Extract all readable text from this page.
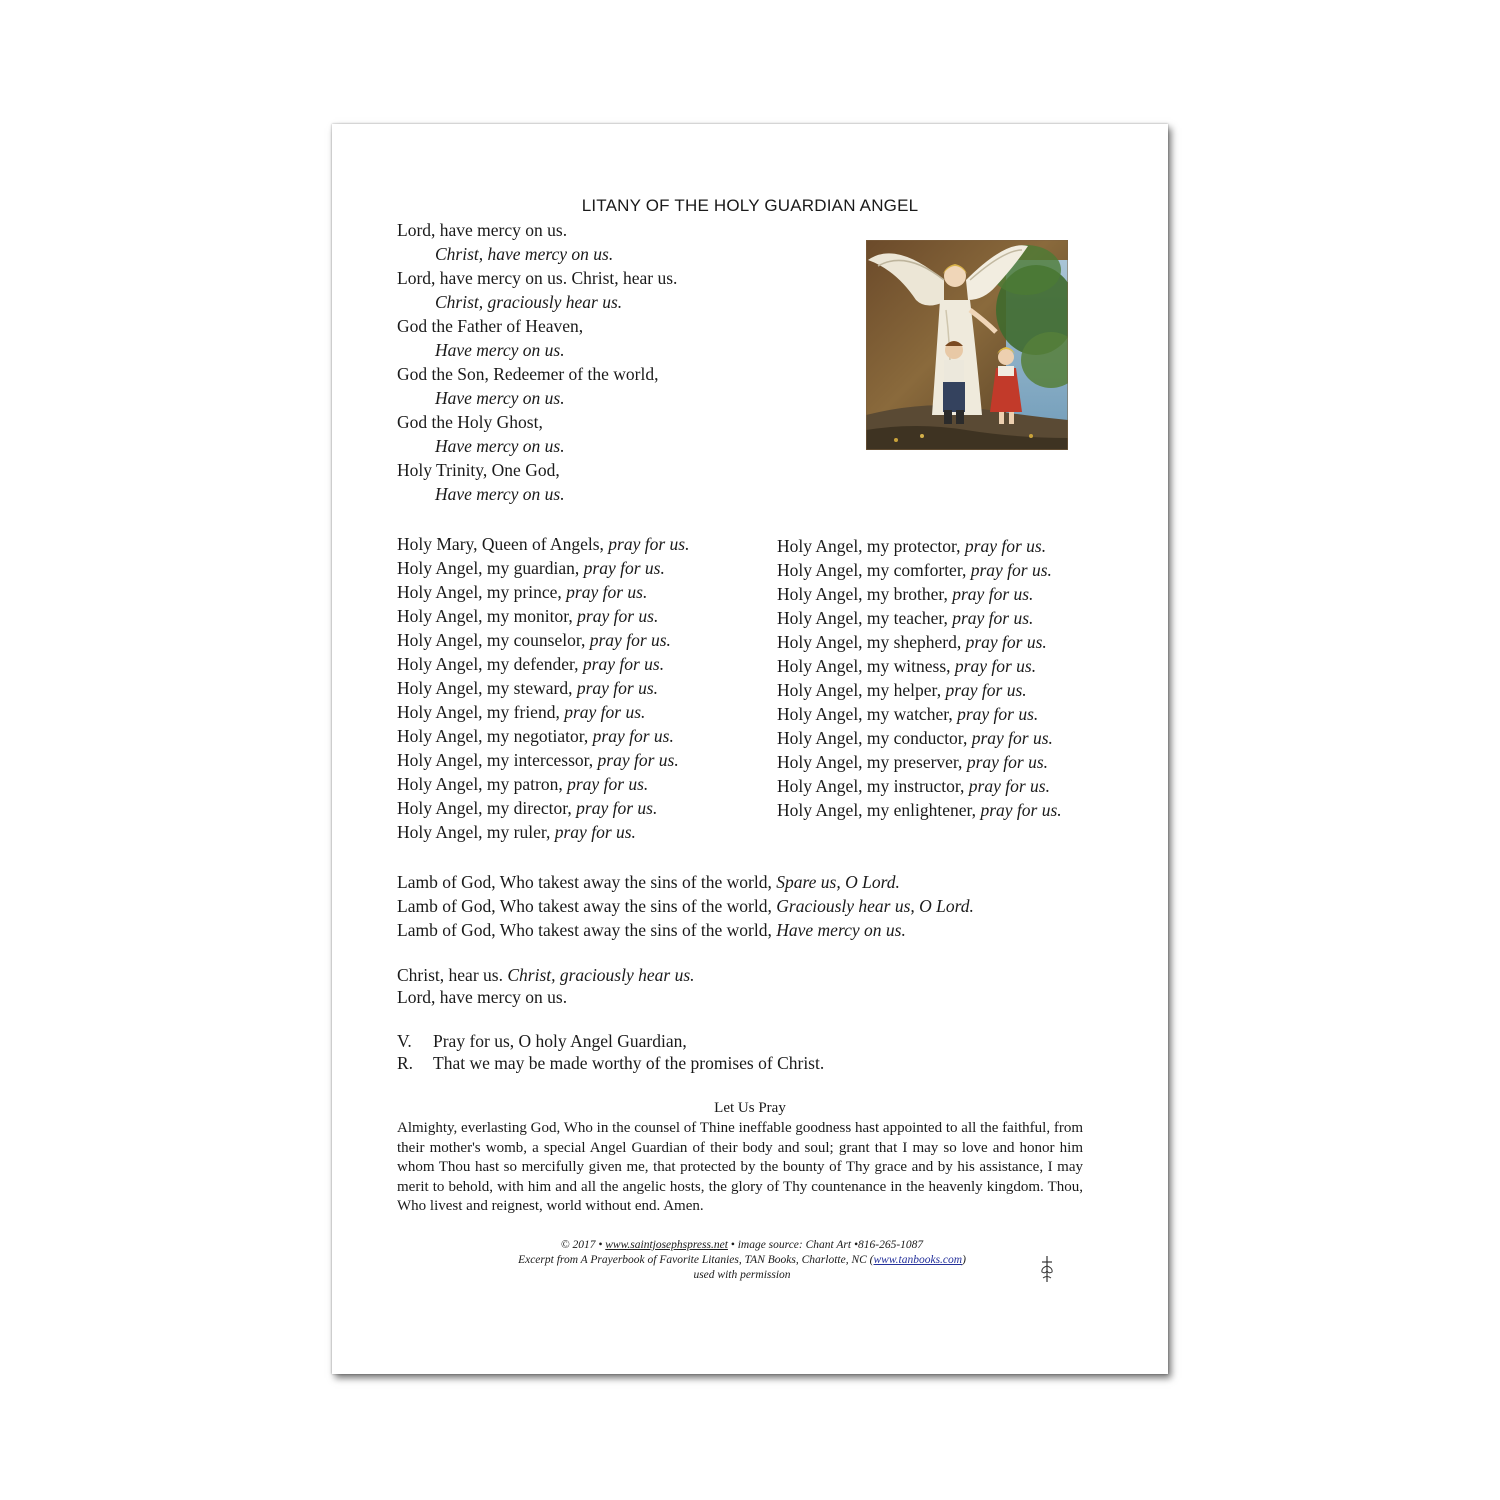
LITANY OF THE HOLY GUARDIAN ANGEL
Lord, have mercy on us.
Christ, have mercy on us.
Lord, have mercy on us. Christ, hear us.
Christ, graciously hear us.
God the Father of Heaven,
Have mercy on us.
God the Son, Redeemer of the world,
Have mercy on us.
God the Holy Ghost,
Have mercy on us.
Holy Trinity, One God,
Have mercy on us.
Holy Mary, Queen of Angels, pray for us.
Holy Angel, my guardian, pray for us.
Holy Angel, my prince, pray for us.
Holy Angel, my monitor, pray for us.
Holy Angel, my counselor, pray for us.
Holy Angel, my defender, pray for us.
Holy Angel, my steward, pray for us.
Holy Angel, my friend, pray for us.
Holy Angel, my negotiator, pray for us.
Holy Angel, my intercessor, pray for us.
Holy Angel, my patron, pray for us.
Holy Angel, my director, pray for us.
Holy Angel, my ruler, pray for us.
Holy Angel, my protector, pray for us.
Holy Angel, my comforter, pray for us.
Holy Angel, my brother, pray for us.
Holy Angel, my teacher, pray for us.
Holy Angel, my shepherd, pray for us.
Holy Angel, my witness, pray for us.
Holy Angel, my helper, pray for us.
Holy Angel, my watcher, pray for us.
Holy Angel, my conductor, pray for us.
Holy Angel, my preserver, pray for us.
Holy Angel, my instructor, pray for us.
Holy Angel, my enlightener, pray for us.
Lamb of God, Who takest away the sins of the world, Spare us, O Lord.
Lamb of God, Who takest away the sins of the world, Graciously hear us, O Lord.
Lamb of God, Who takest away the sins of the world, Have mercy on us.
Christ, hear us. Christ, graciously hear us.
Lord, have mercy on us.
V. Pray for us, O holy Angel Guardian,
R. That we may be made worthy of the promises of Christ.
Let Us Pray
Almighty, everlasting God, Who in the counsel of Thine ineffable goodness hast appointed to all the faithful, from their mother's womb, a special Angel Guardian of their body and soul; grant that I may so love and honor him whom Thou hast so mercifully given me, that protected by the bounty of Thy grace and by his assistance, I may merit to behold, with him and all the angelic hosts, the glory of Thy countenance in the heavenly kingdom. Thou, Who livest and reignest, world without end. Amen.
© 2017 • www.saintjosephspress.net • image source: Chant Art •816-265-1087
Excerpt from A Prayerbook of Favorite Litanies, TAN Books, Charlotte, NC (www.tanbooks.com)
used with permission
